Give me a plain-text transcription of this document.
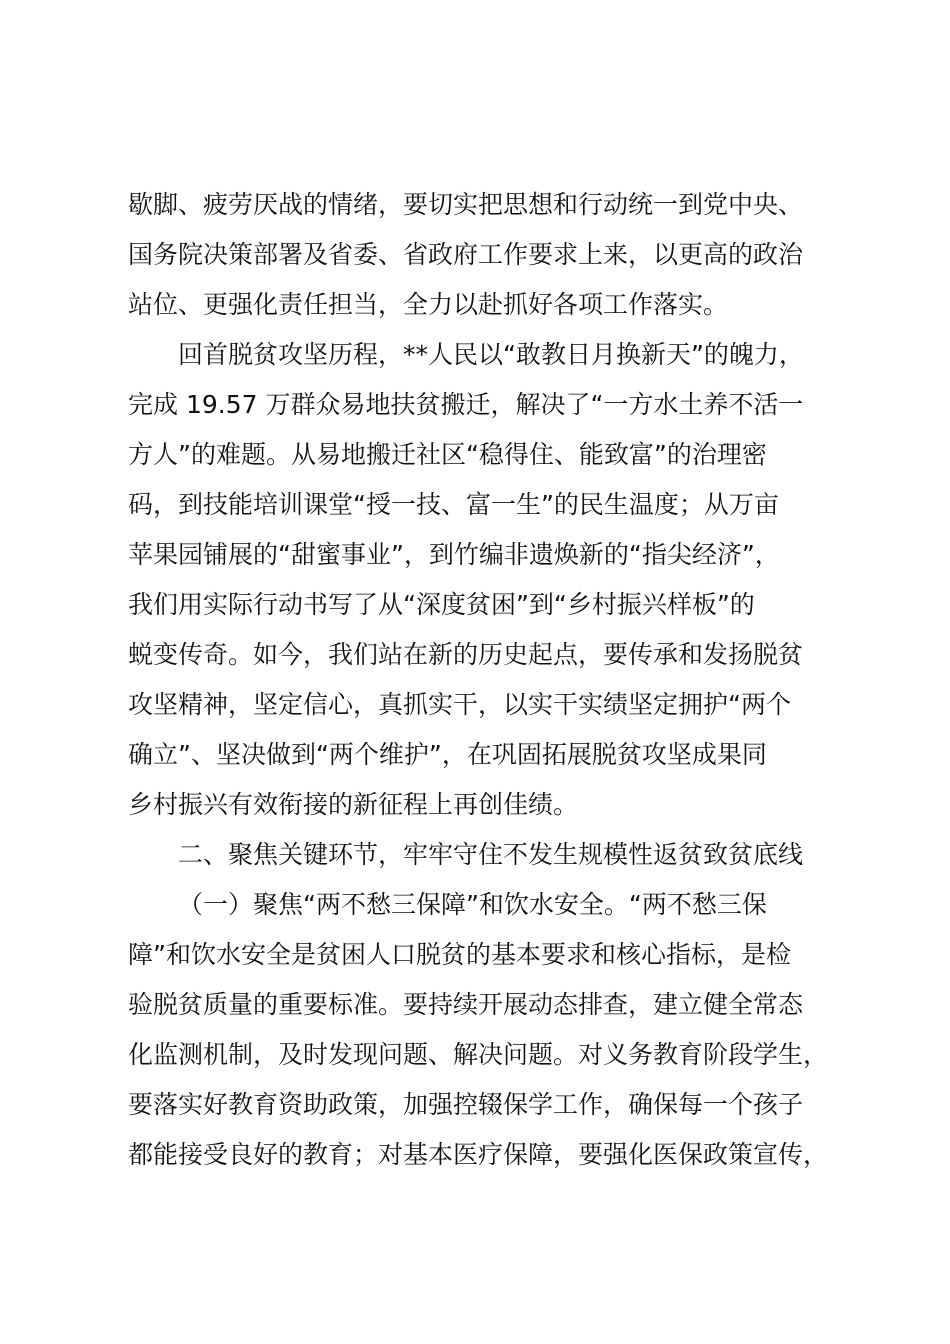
歇脚、疲劳厌战的情绪，要切实把思想和行动统一到党中央、
国务院决策部署及省委、省政府工作要求上来，以更高的政治
站位、更强化责任担当，全力以赴抓好各项工作落实。
回首脱贫攻坚历程，**人民以“敢教日月换新天”的魄力，
完成 19.57 万群众易地扶贫搬迁，解决了“一方水土养不活一
方人”的难题。从易地搬迁社区“稳得住、能致富”的治理密
码，到技能培训课堂“授一技、富一生”的民生温度；从万亩
苹果园铺展的“甜蜜事业”，到竹编非遗焕新的“指尖经济”，
我们用实际行动书写了从“深度贫困”到“乡村振兴样板”的
蜕变传奇。如今，我们站在新的历史起点，要传承和发扬脱贫
攻坚精神，坚定信心，真抓实干，以实干实绩坚定拥护“两个
确立”、坚决做到“两个维护”，在巩固拓展脱贫攻坚成果同
乡村振兴有效衔接的新征程上再创佳绩。
二、聚焦关键环节，牢牢守住不发生规模性返贫致贫底线
（一）聚焦“两不愁三保障”和饮水安全。“两不愁三保
障”和饮水安全是贫困人口脱贫的基本要求和核心指标，是检
验脱贫质量的重要标准。要持续开展动态排查，建立健全常态
化监测机制，及时发现问题、解决问题。对义务教育阶段学生，
要落实好教育资助政策，加强控辍保学工作，确保每一个孩子
都能接受良好的教育；对基本医疗保障，要强化医保政策宣传，
